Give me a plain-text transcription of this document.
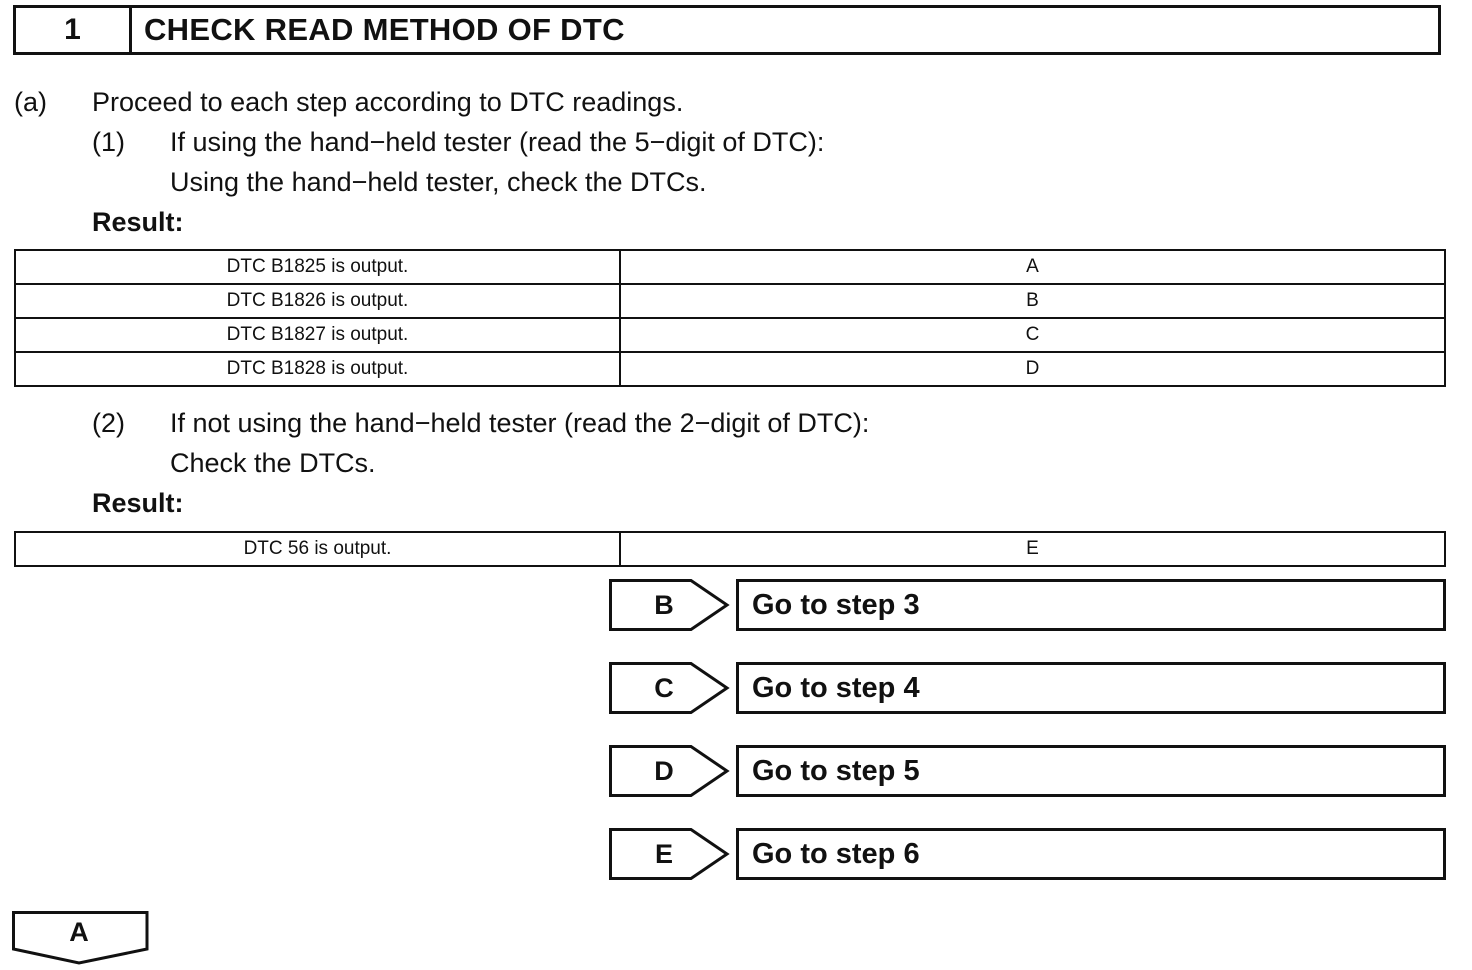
1	CHECK READ METHOD OF DTC
(a) Proceed to each step according to DTC readings.
(1) If using the hand−held tester (read the 5−digit of DTC):
Using the hand−held tester, check the DTCs.
Result:
DTC B1825 is output.	A
DTC B1826 is output.	B
DTC B1827 is output.	C
DTC B1828 is output.	D
(2) If not using the hand−held tester (read the 2−digit of DTC):
Check the DTCs.
Result:
DTC 56 is output.	E
B	Go to step 3
C	Go to step 4
D	Go to step 5
E	Go to step 6
A
